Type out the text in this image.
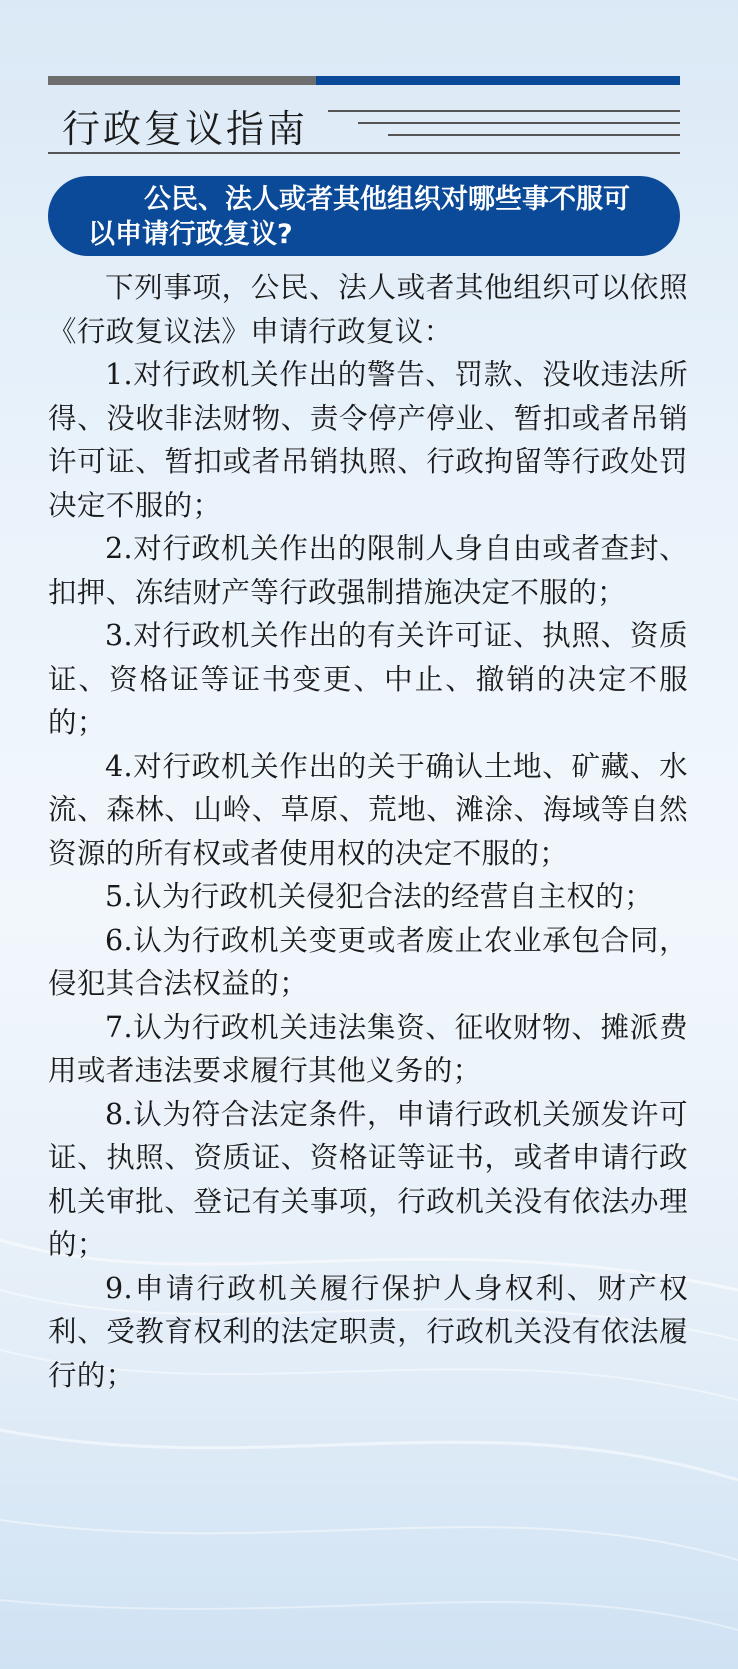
行政复议指南

公民、法人或者其他组织对哪些事不服可以申请行政复议?

下列事项，公民、法人或者其他组织可以依照《行政复议法》申请行政复议：

1.对行政机关作出的警告、罚款、没收违法所得、没收非法财物、责令停产停业、暂扣或者吊销许可证、暂扣或者吊销执照、行政拘留等行政处罚决定不服的；

2.对行政机关作出的限制人身自由或者查封、扣押、冻结财产等行政强制措施决定不服的；

3.对行政机关作出的有关许可证、执照、资质证、资格证等证书变更、中止、撤销的决定不服的；

4.对行政机关作出的关于确认土地、矿藏、水流、森林、山岭、草原、荒地、滩涂、海域等自然资源的所有权或者使用权的决定不服的；

5.认为行政机关侵犯合法的经营自主权的；

6.认为行政机关变更或者废止农业承包合同，侵犯其合法权益的；

7.认为行政机关违法集资、征收财物、摊派费用或者违法要求履行其他义务的；

8.认为符合法定条件，申请行政机关颁发许可证、执照、资质证、资格证等证书，或者申请行政机关审批、登记有关事项，行政机关没有依法办理的；

9.申请行政机关履行保护人身权利、财产权利、受教育权利的法定职责，行政机关没有依法履行的；
